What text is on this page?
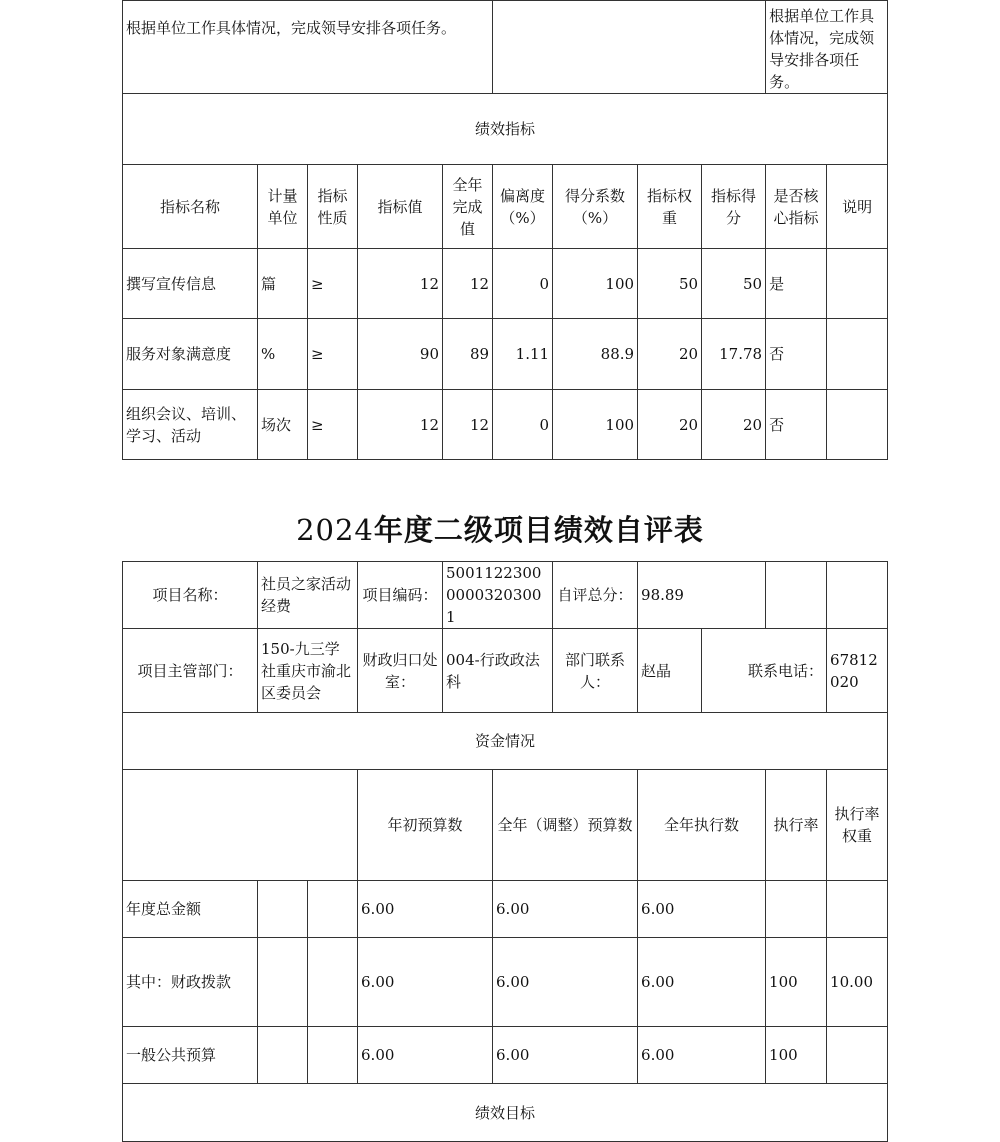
根据单位工作具体情况，完成领导安排各项任务。									根据单位工作具体情况，完成领导安排各项任务。	
绩效指标										
指标名称	计量单位	指标性质	指标值	全年完成值	偏离度（%）	得分系数（%）	指标权重	指标得分	是否核心指标	说明
撰写宣传信息	篇	≥	12	12	0	100	50	50	是	
服务对象满意度	%	≥	90	89	1.11	88.9	20	17.78	否	
组织会议、培训、学习、活动	场次	≥	12	12	0	100	20	20	否	
2024年度二级项目绩效自评表
项目名称：	社员之家活动经费		项目编码：	500112230000003203001		自评总分：	98.89				
项目主管部门：	150-九三学社重庆市渝北区委员会		财政归口处室：	004-行政政法科		部门联系人：	赵晶	联系电话：		67812020	
资金情况											
			年初预算数		全年（调整）预算数		全年执行数		执行率	执行率权重	
年度总金额			6.00		6.00		6.00				
其中：财政拨款			6.00		6.00		6.00		100	10.00	
一般公共预算			6.00		6.00		6.00		100		
绩效目标											
